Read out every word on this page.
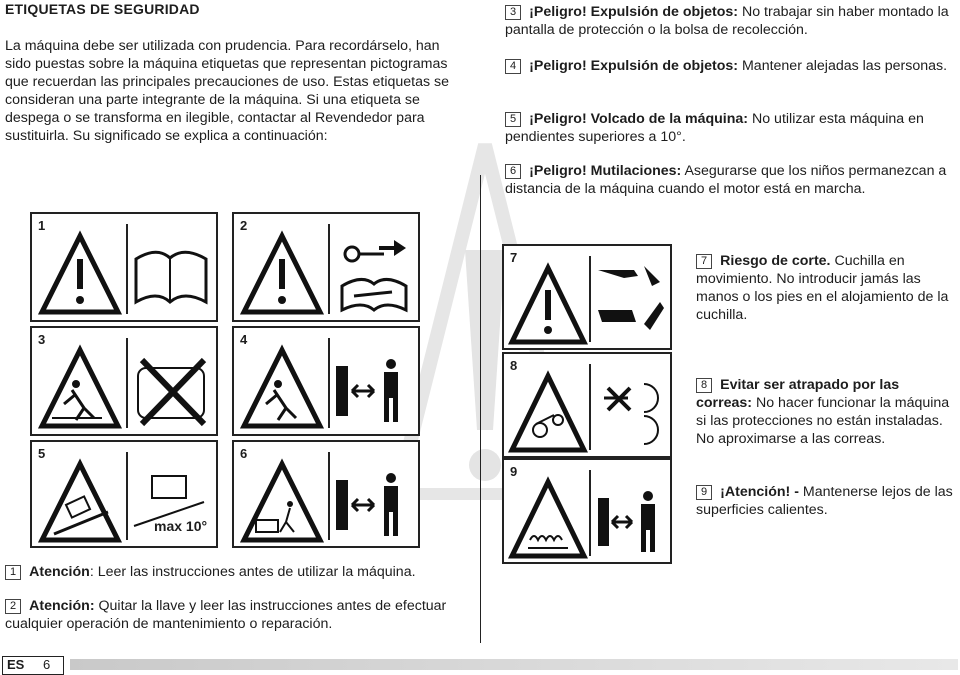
ETIQUETAS DE SEGURIDAD
La máquina debe ser utilizada con prudencia. Para recordárselo, han sido puestas sobre la máquina etiquetas que representan pictogramas que recuerdan las principales precauciones de uso. Estas etiquetas se consideran una parte integrante de la máquina. Si una etiqueta se despega o se transforma en ilegible, contactar al Revendedor para sustituirla. Su significado se explica a continuación:
3 ¡Peligro! Expulsión de objetos: No trabajar sin haber montado la pantalla de protección o la bolsa de recolección.
4 ¡Peligro! Expulsión de objetos: Mantener alejadas las personas.
5 ¡Peligro! Volcado de la máquina: No utilizar esta máquina en pendientes superiores a 10°.
6 ¡Peligro! Mutilaciones: Asegurarse que los niños permanezcan a distancia de la máquina cuando el motor está en marcha.
1	2
3	4
5
max 10°
6
7
8
9
7 Riesgo de corte. Cuchilla en movimiento. No introducir jamás las manos o los pies en el alojamiento de la cuchilla.
8 Evitar ser atrapado por las correas: No hacer funcionar la máquina si las protecciones no están instaladas. No aproximarse a las correas.
9 ¡Atención! - Mantenerse lejos de las superficies calientes.
1 Atención: Leer las instrucciones antes de utilizar la máquina.
2 Atención: Quitar la llave y leer las instrucciones antes de efectuar cualquier operación de mantenimiento o reparación.
ES 6
